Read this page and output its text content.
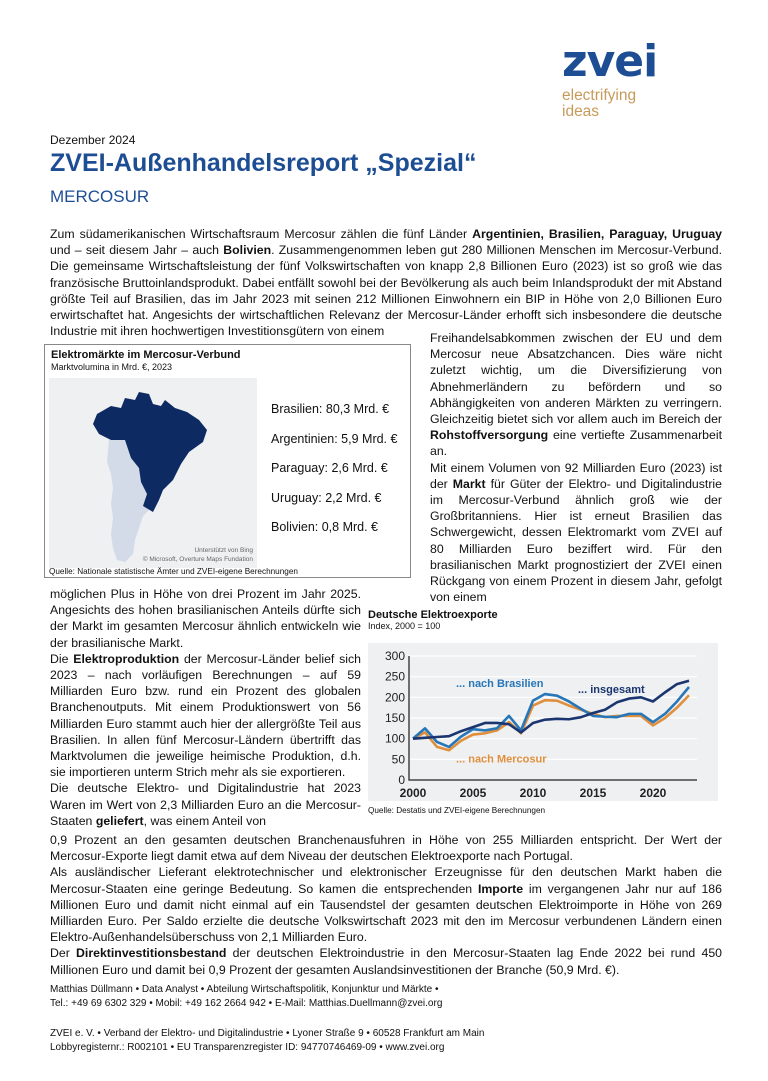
zvei
electrifying
ideas
Dezember 2024
ZVEI-Außenhandelsreport „Spezial“
MERCOSUR
Zum südamerikanischen Wirtschaftsraum Mercosur zählen die fünf Länder Argentinien, Brasilien, Paraguay, Uruguay und – seit diesem Jahr – auch Bolivien. Zusammengenommen leben gut 280 Millionen Menschen im Mercosur-Verbund. Die gemeinsame Wirtschaftsleistung der fünf Volkswirtschaften von knapp 2,8 Billionen Euro (2023) ist so groß wie das französische Bruttoinlandsprodukt. Dabei entfällt sowohl bei der Bevölkerung als auch beim Inlandsprodukt der mit Abstand größte Teil auf Brasilien, das im Jahr 2023 mit seinen 212 Millionen Einwohnern ein BIP in Höhe von 2,0 Billionen Euro erwirtschaftet hat. Angesichts der wirtschaftlichen Relevanz der Mercosur-Länder erhofft sich insbesondere die deutsche Industrie mit ihren hochwertigen Investitionsgütern von einem	Freihandelsabkommen zwischen der EU und dem Mercosur neue Absatzchancen. Dies wäre nicht zuletzt wichtig, um die Diversifizierung von Abnehmerländern zu befördern und so Abhängigkeiten von anderen Märkten zu verringern. Gleichzeitig bietet sich vor allem auch im Bereich der Rohstoffversorgung eine vertiefte Zusammenarbeit an.
Mit einem Volumen von 92 Milliarden Euro (2023) ist der Markt für Güter der Elektro- und Digitalindustrie im Mercosur-Verbund ähnlich groß wie der Großbritanniens. Hier ist erneut Brasilien das Schwergewicht, dessen Elektromarkt vom ZVEI auf 80 Milliarden Euro beziffert wird. Für den brasilianischen Markt prognostiziert der ZVEI einen Rückgang von einem Prozent in diesem Jahr, gefolgt von einem
möglichen Plus in Höhe von drei Prozent im Jahr 2025. Angesichts des hohen brasilianischen Anteils dürfte sich der Markt im gesamten Mercosur ähnlich entwickeln wie der brasilianische Markt.
Die Elektroproduktion der Mercosur-Länder belief sich 2023 – nach vorläufigen Berechnungen – auf 59 Milliarden Euro bzw. rund ein Prozent des globalen Branchenoutputs. Mit einem Produktionswert von 56 Milliarden Euro stammt auch hier der allergrößte Teil aus Brasilien. In allen fünf Mercosur-Ländern übertrifft das Marktvolumen die jeweilige heimische Produktion, d.h. sie importieren unterm Strich mehr als sie exportieren.
Die deutsche Elektro- und Digitalindustrie hat 2023 Waren im Wert von 2,3 Milliarden Euro an die Mercosur-Staaten geliefert, was einem Anteil von
0,9 Prozent an den gesamten deutschen Branchenausfuhren in Höhe von 255 Milliarden entspricht. Der Wert der Mercosur-Exporte liegt damit etwa auf dem Niveau der deutschen Elektroexporte nach Portugal.
Als ausländischer Lieferant elektrotechnischer und elektronischer Erzeugnisse für den deutschen Markt haben die Mercosur-Staaten eine geringe Bedeutung. So kamen die entsprechenden Importe im vergangenen Jahr nur auf 186 Millionen Euro und damit nicht einmal auf ein Tausendstel der gesamten deutschen Elektroimporte in Höhe von 269 Milliarden Euro. Per Saldo erzielte die deutsche Volkswirtschaft 2023 mit den im Mercosur verbundenen Ländern einen Elektro-Außenhandelsüberschuss von 2,1 Milliarden Euro.
Der Direktinvestitionsbestand der deutschen Elektroindustrie in den Mercosur-Staaten lag Ende 2022 bei rund 450 Millionen Euro und damit bei 0,9 Prozent der gesamten Auslandsinvestitionen der Branche (50,9 Mrd. €).
Elektromärkte im Mercosur-Verbund
Marktvolumina in Mrd. €, 2023
Unterstützt von Bing
© Microsoft, Overture Maps Fundation
Brasilien: 80,3 Mrd. €
Argentinien: 5,9 Mrd. €
Paraguay: 2,6 Mrd. €
Uruguay: 2,2 Mrd. €
Bolivien: 0,8 Mrd. €
Quelle: Nationale statistische Ämter und ZVEI-eigene Berechnungen
Deutsche Elektroexporte
Index, 2000 = 100
0
50
100
150
200
250
300
2000	2005	2010	2015	2020
... nach Brasilien
... insgesamt
... nach Mercosur
Quelle: Destatis und ZVEI-eigene Berechnungen
Matthias Düllmann • Data Analyst • Abteilung Wirtschaftspolitik, Konjunktur und Märkte •
Tel.: +49 69 6302 329 • Mobil: +49 162 2664 942 • E-Mail: Matthias.Duellmann@zvei.org
ZVEI e. V. • Verband der Elektro- und Digitalindustrie • Lyoner Straße 9 • 60528 Frankfurt am Main
Lobbyregisternr.: R002101 • EU Transparenzregister ID: 94770746469-09 • www.zvei.org
